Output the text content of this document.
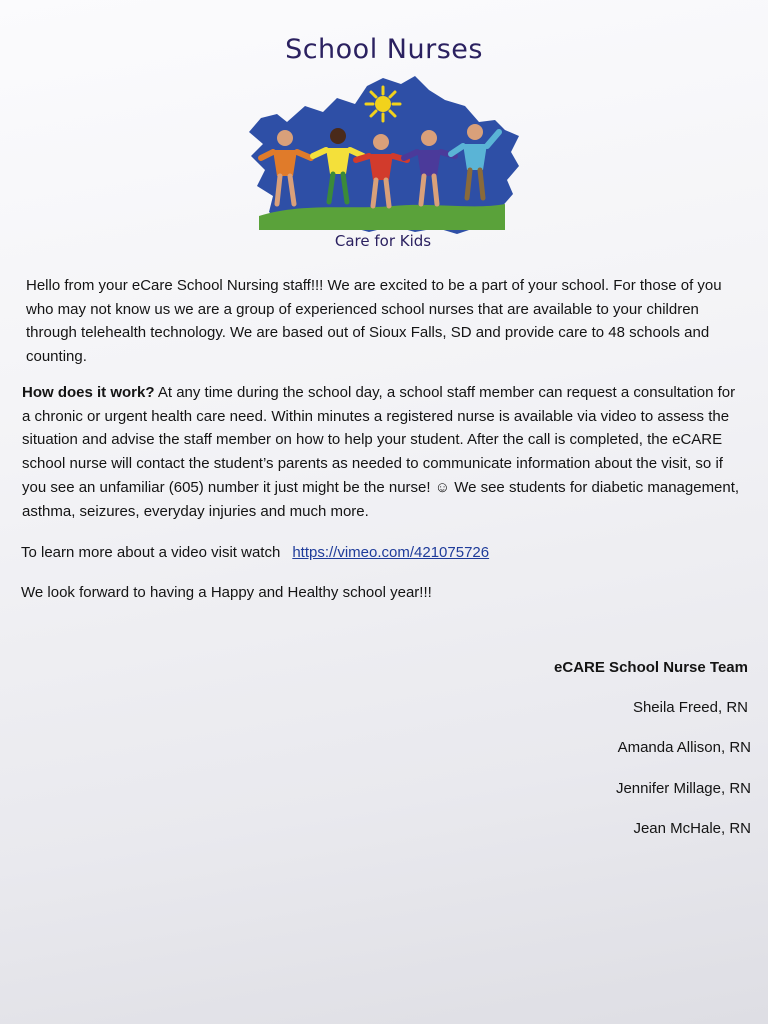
School Nurses
Care for Kids

Hello from your eCare School Nursing staff!!! We are excited to be a part of your school. For those of you who may not know us we are a group of experienced school nurses that are available to your children through telehealth technology. We are based out of Sioux Falls, SD and provide care to 48 schools and counting.

How does it work? At any time during the school day, a school staff member can request a consultation for a chronic or urgent health care need. Within minutes a registered nurse is available via video to assess the situation and advise the staff member on how to help your student. After the call is completed, the eCARE school nurse will contact the student’s parents as needed to communicate information about the visit, so if you see an unfamiliar (605) number it just might be the nurse! ☺ We see students for diabetic management, asthma, seizures, everyday injuries and much more.

To learn more about a video visit watch https://vimeo.com/421075726

We look forward to having a Happy and Healthy school year!!!

eCARE School Nurse Team
Sheila Freed, RN
Amanda Allison, RN
Jennifer Millage, RN
Jean McHale, RN
